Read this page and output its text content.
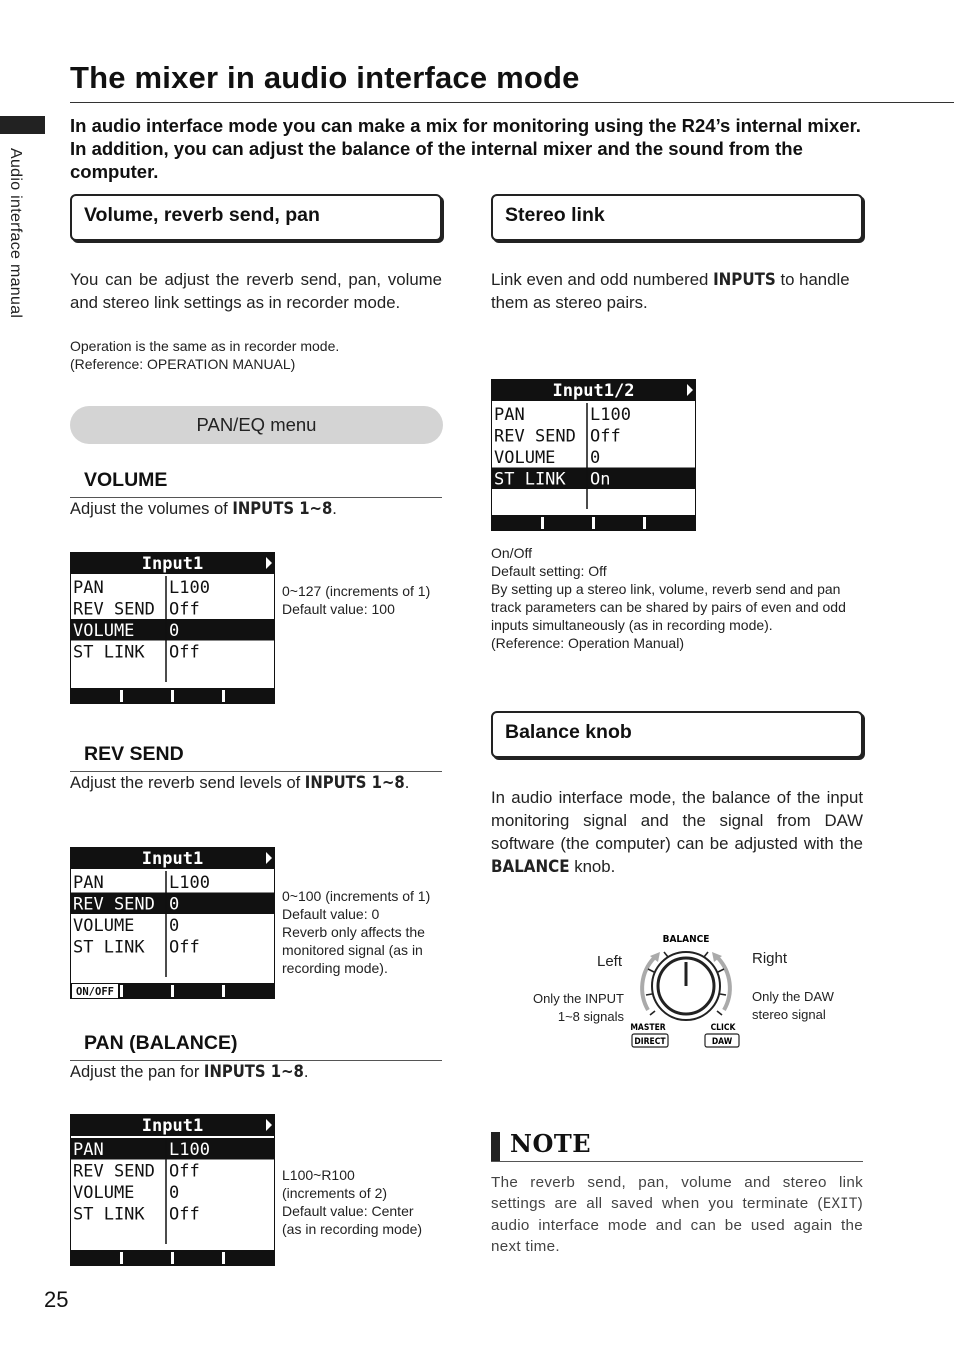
The mixer in audio interface mode
Audio interface manual
In audio interface mode you can make a mix for monitoring using the R24’s internal mixer. In addition, you can adjust the balance of the internal mixer and the sound from the computer.
Volume, reverb send, pan
You can be adjust the reverb send, pan, volume and stereo link settings as in recorder mode.
Operation is the same as in recorder mode.
(Reference: OPERATION MANUAL)
PAN/EQ menu
VOLUME
Adjust the volumes of INPUTS 1~8.
Input1
PAN	L100
REV SEND Off
VOLUME 0
ST LINK Off
0~127 (increments of 1)
Default value: 100
REV SEND
Adjust the reverb send levels of INPUTS 1~8.
Input1
PAN	L100
REV SEND 0
VOLUME 0
ST LINK Off
ON/OFF
0~100 (increments of 1)
Default value: 0
Reverb only affects the
monitored signal (as in
recording mode).
PAN (BALANCE)
Adjust the pan for INPUTS 1~8.
Input1
PAN	L100
REV SEND Off
VOLUME 0
ST LINK Off
L100~R100
(increments of 2)
Default value: Center
(as in recording mode)
Stereo link
Link even and odd numbered INPUTS to handle them as stereo pairs.
Input1/2
PAN	L100
REV SEND Off
VOLUME 0
ST LINK On
On/Off
Default setting: Off
By setting up a stereo link, volume, reverb send and pan
track parameters can be shared by pairs of even and odd
inputs simultaneously (as in recording mode).
(Reference: Operation Manual)
Balance knob
In audio interface mode, the balance of the input monitoring signal and the signal from DAW software (the computer) can be adjusted with the BALANCE knob.
Left	Right
Only the INPUT
1~8 signals
Only the DAW
stereo signal
BALANCE
MASTER	CLICK
DIRECT	DAW
NOTE
The reverb send, pan, volume and stereo link settings are all saved when you terminate (EXIT) audio interface mode and can be used again the next time.
25
